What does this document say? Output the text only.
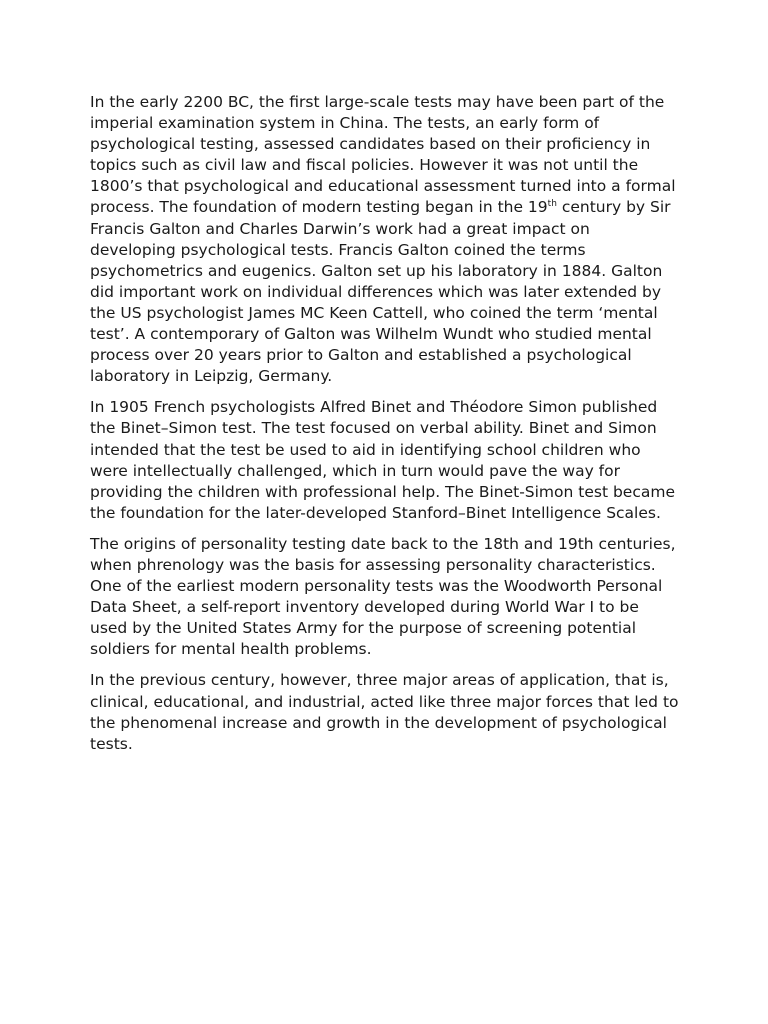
In the early 2200 BC, the first large-scale tests may have been part of the imperial examination system in China. The tests, an early form of psychological testing, assessed candidates based on their proficiency in topics such as civil law and fiscal policies. However it was not until the 1800’s that psychological and educational assessment turned into a formal process. The foundation of modern testing began in the 19th century by Sir Francis Galton and Charles Darwin’s work had a great impact on developing psychological tests. Francis Galton coined the terms psychometrics and eugenics. Galton set up his laboratory in 1884. Galton did important work on individual differences which was later extended by the US psychologist James MC Keen Cattell, who coined the term ‘mental test’. A contemporary of Galton was Wilhelm Wundt who studied mental process over 20 years prior to Galton and established a psychological laboratory in Leipzig, Germany.

In 1905 French psychologists Alfred Binet and Théodore Simon published the Binet–Simon test. The test focused on verbal ability. Binet and Simon intended that the test be used to aid in identifying school children who were intellectually challenged, which in turn would pave the way for providing the children with professional help. The Binet-Simon test became the foundation for the later-developed Stanford–Binet Intelligence Scales.

The origins of personality testing date back to the 18th and 19th centuries, when phrenology was the basis for assessing personality characteristics. One of the earliest modern personality tests was the Woodworth Personal Data Sheet, a self-report inventory developed during World War I to be used by the United States Army for the purpose of screening potential soldiers for mental health problems.

In the previous century, however, three major areas of application, that is, clinical, educational, and industrial, acted like three major forces that led to the phenomenal increase and growth in the development of psychological tests.
